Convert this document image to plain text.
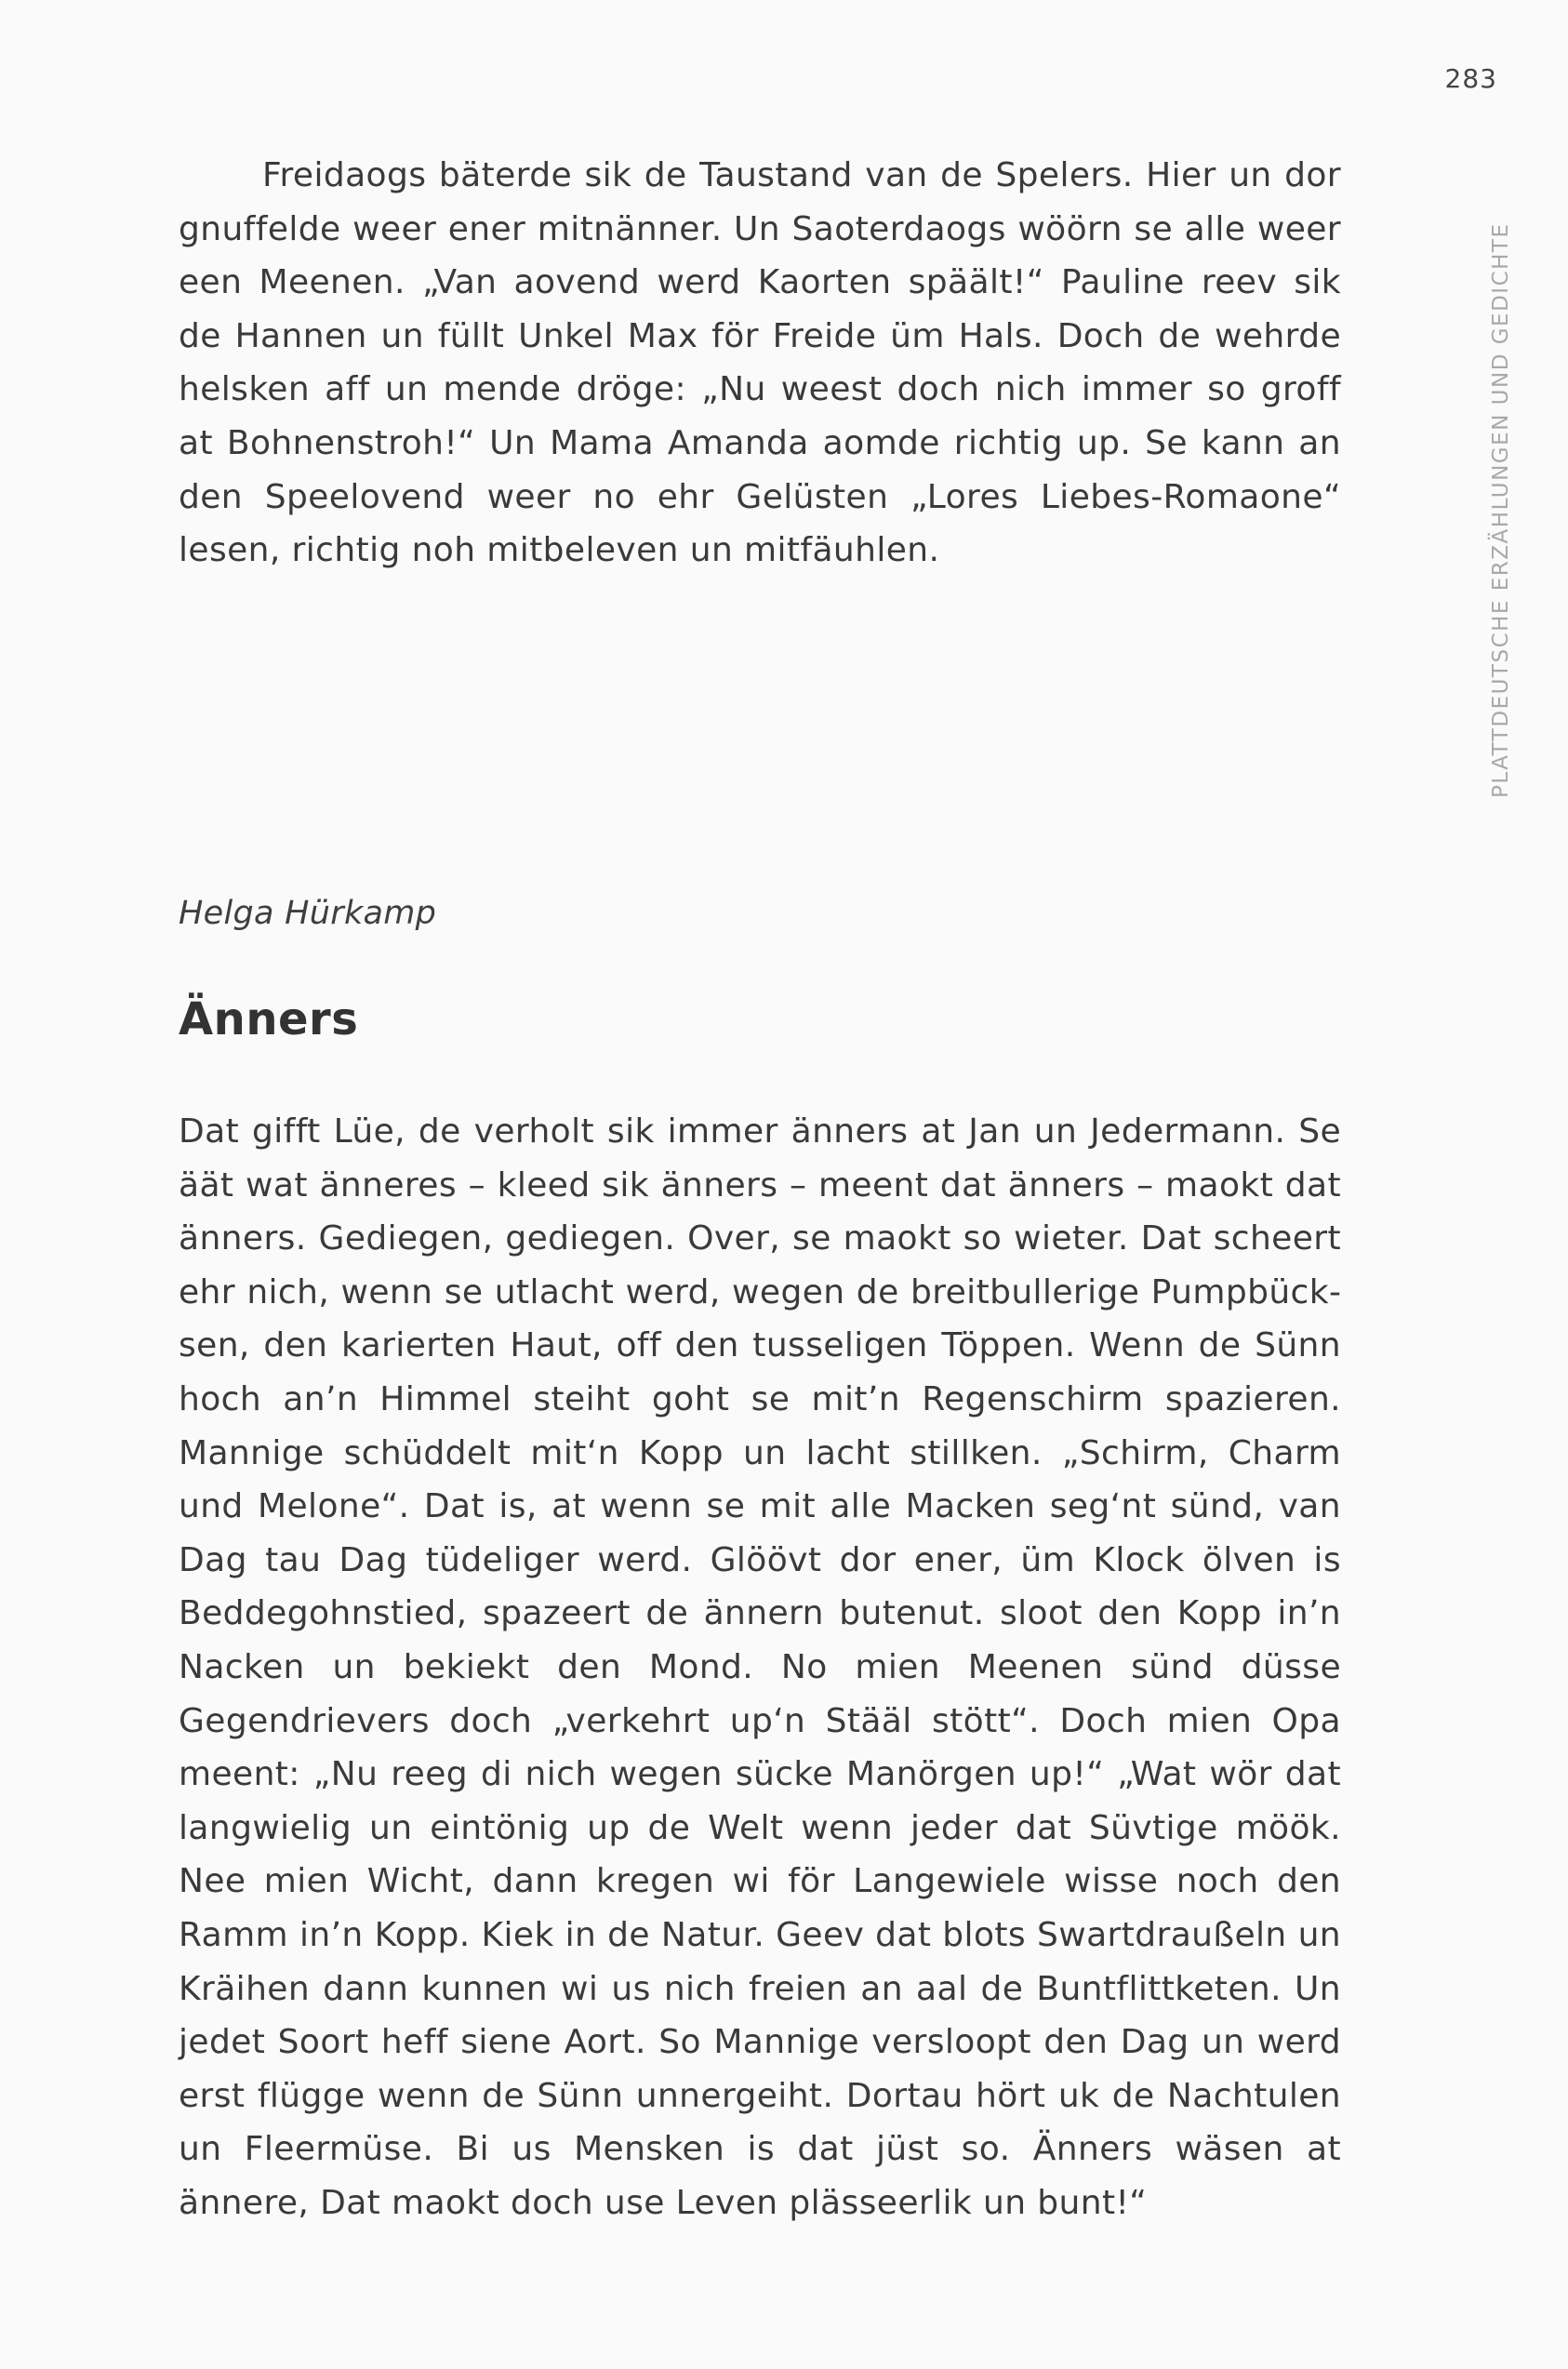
283
PLATTDEUTSCHE ERZÄHLUNGEN UND GEDICHTE

Freidaogs bäterde sik de Taustand van de Spelers. Hier un dor gnuffelde weer ener mitnänner. Un Saoterdaogs wöörn se alle weer een Meenen. „Van aovend werd Kaorten späält!“ Pauline reev sik de Hannen un füllt Unkel Max för Freide üm Hals. Doch de wehrde helsken aff un mende dröge: „Nu weest doch nich immer so groff at Bohnenstroh!“ Un Mama Amanda aomde richtig up. Se kann an den Speelovend weer no ehr Gelüsten „Lores Liebes-Romaone“ lesen, richtig noh mitbeleven un mitfäuhlen.

Helga Hürkamp
Änners

Dat gifft Lüe, de verholt sik immer änners at Jan un Jedermann. Se äät wat änneres – kleed sik änners – meent dat änners – maokt dat änners. Gediegen, gediegen. Over, se maokt so wieter. Dat scheert ehr nich, wenn se utlacht werd, wegen de breitbullerige Pumpbücksen, den karierten Haut, off den tusseligen Töppen. Wenn de Sünn hoch an’n Himmel steiht goht se mit’n Regenschirm spazieren. Mannige schüddelt mit‘n Kopp un lacht stillken. „Schirm, Charm und Melone“. Dat is, at wenn se mit alle Macken seg‘nt sünd, van Dag tau Dag tüdeliger werd. Glöövt dor ener, üm Klock ölven is Beddegohnstied, spazeert de ännern butenut. sloot den Kopp in’n Nacken un bekiekt den Mond. No mien Meenen sünd düsse Gegendrievers doch „verkehrt up‘n Stääl stött“. Doch mien Opa meent: „Nu reeg di nich wegen sücke Manörgen up!“ „Wat wör dat langwielig un eintönig up de Welt wenn jeder dat Süvtige möök. Nee mien Wicht, dann kregen wi för Langewiele wisse noch den Ramm in’n Kopp. Kiek in de Natur. Geev dat blots Swartdraußeln un Kräihen dann kunnen wi us nich freien an aal de Buntflittketen. Un jedet Soort heff siene Aort. So Mannige versloopt den Dag un werd erst flügge wenn de Sünn unnergeiht. Dortau hört uk de Nachtulen un Fleermüse. Bi us Mensken is dat jüst so. Änners wäsen at ännere, Dat maokt doch use Leven plässeerlik un bunt!“
